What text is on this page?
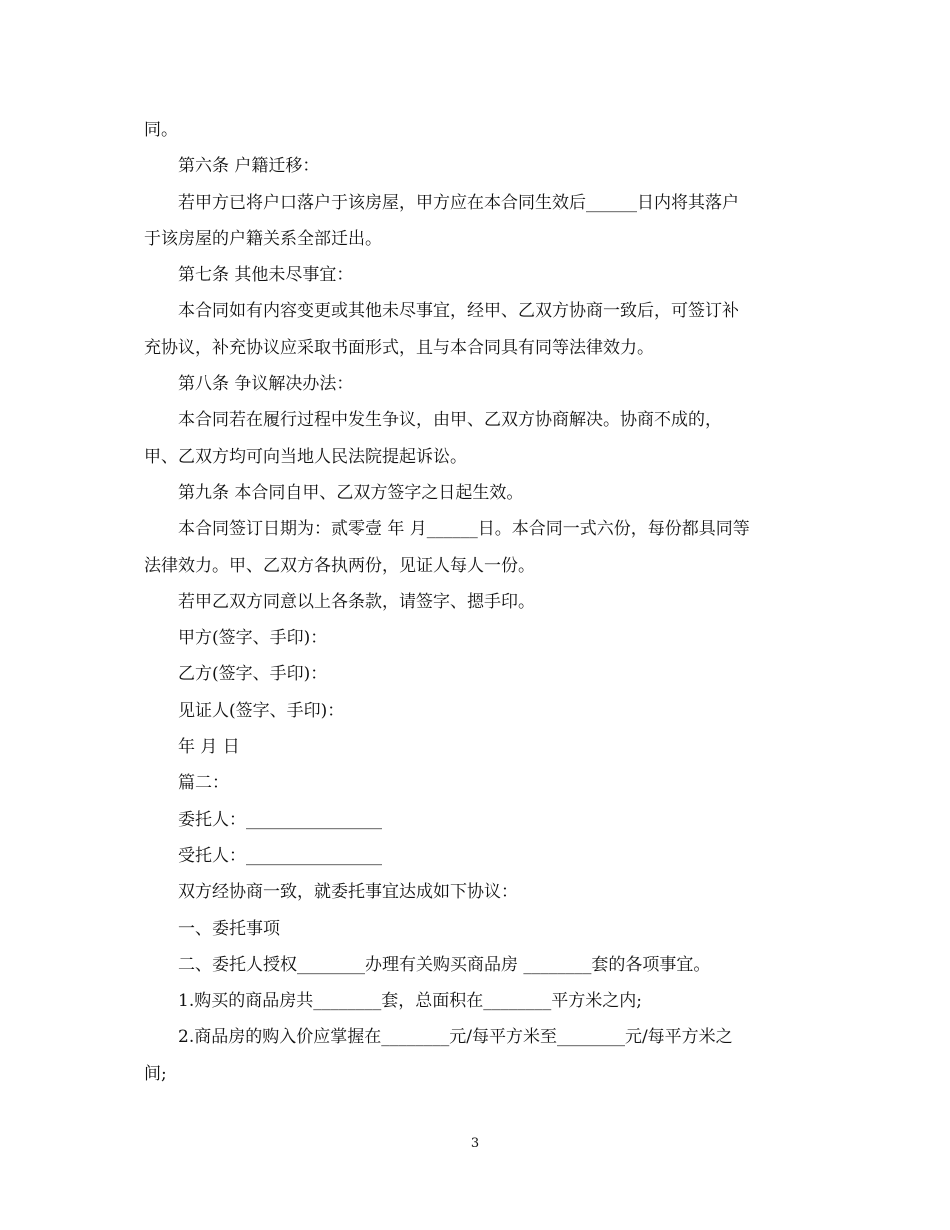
同。
第六条 户籍迁移：
若甲方已将户口落户于该房屋，甲方应在本合同生效后______日内将其落户
于该房屋的户籍关系全部迁出。
第七条 其他未尽事宜：
本合同如有内容变更或其他未尽事宜，经甲、乙双方协商一致后，可签订补
充协议，补充协议应采取书面形式，且与本合同具有同等法律效力。
第八条 争议解决办法：
本合同若在履行过程中发生争议，由甲、乙双方协商解决。协商不成的，
甲、乙双方均可向当地人民法院提起诉讼。
第九条 本合同自甲、乙双方签字之日起生效。
本合同签订日期为：贰零壹 年 月______日。本合同一式六份，每份都具同等
法律效力。甲、乙双方各执两份，见证人每人一份。
若甲乙双方同意以上各条款，请签字、摁手印。
甲方(签字、手印)：
乙方(签字、手印)：
见证人(签字、手印)：
年 月 日
篇二：
委托人：________________
受托人：________________
双方经协商一致，就委托事宜达成如下协议：
一、委托事项
二、委托人授权________办理有关购买商品房 ________套的各项事宜。
1.购买的商品房共________套，总面积在________平方米之内;
2.商品房的购入价应掌握在________元/每平方米至________元/每平方米之
间;
3
